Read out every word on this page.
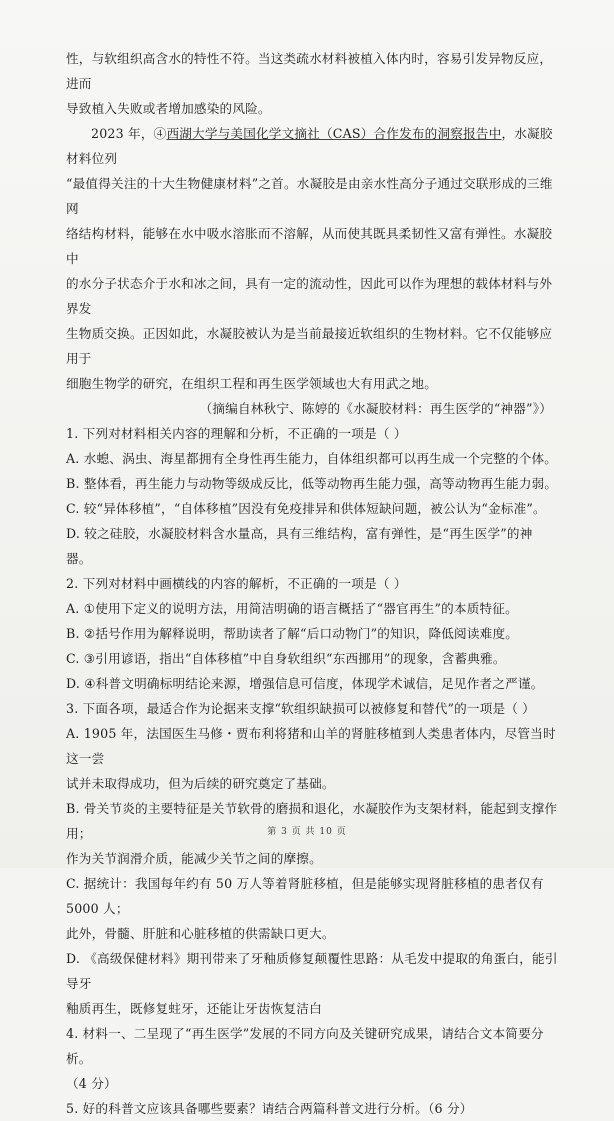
性，与软组织高含水的特性不符。当这类疏水材料被植入体内时，容易引发异物反应，进而

导致植入失败或者增加感染的风险。

2023 年，④西湖大学与美国化学文摘社（CAS）合作发布的洞察报告中，水凝胶材料位列

“最值得关注的十大生物健康材料”之首。水凝胶是由亲水性高分子通过交联形成的三维网

络结构材料，能够在水中吸水溶胀而不溶解，从而使其既具柔韧性又富有弹性。水凝胶中

的水分子状态介于水和冰之间，具有一定的流动性，因此可以作为理想的载体材料与外界发

生物质交换。正因如此，水凝胶被认为是当前最接近软组织的生物材料。它不仅能够应用于

细胞生物学的研究，在组织工程和再生医学领域也大有用武之地。

（摘编自林秋宁、陈婷的《水凝胶材料：再生医学的“神器”》）

1. 下列对材料相关内容的理解和分析，不正确的一项是（ ）

A. 水螅、涡虫、海星都拥有全身性再生能力，自体组织都可以再生成一个完整的个体。

B. 整体看，再生能力与动物等级成反比，低等动物再生能力强，高等动物再生能力弱。

C. 较“异体移植”，“自体移植”因没有免疫排异和供体短缺问题，被公认为“金标准”。

D. 较之硅胶，水凝胶材料含水量高，具有三维结构，富有弹性，是“再生医学”的神器。

2. 下列对材料中画横线的内容的解析，不正确的一项是（ ）

A. ①使用下定义的说明方法，用简洁明确的语言概括了“器官再生”的本质特征。

B. ②括号作用为解释说明，帮助读者了解“后口动物门”的知识，降低阅读难度。

C. ③引用谚语，指出“自体移植”中自身软组织“东西挪用”的现象，含蓄典雅。

D. ④科普文明确标明结论来源，增强信息可信度，体现学术诚信，足见作者之严谨。

3. 下面各项，最适合作为论据来支撑“软组织缺损可以被修复和替代”的一项是（ ）

A. 1905 年，法国医生马修・贾布利将猪和山羊的肾脏移植到人类患者体内，尽管当时这一尝

试并未取得成功，但为后续的研究奠定了基础。

B. 骨关节炎的主要特征是关节软骨的磨损和退化，水凝胶作为支架材料，能起到支撑作用；

作为关节润滑介质，能减少关节之间的摩擦。

C. 据统计：我国每年约有 50 万人等着肾脏移植，但是能够实现肾脏移植的患者仅有 5000 人；

此外，骨髓、肝脏和心脏移植的供需缺口更大。

D. 《高级保健材料》期刊带来了牙釉质修复颠覆性思路：从毛发中提取的角蛋白，能引导牙

釉质再生，既修复蛀牙，还能让牙齿恢复洁白

4. 材料一、二呈现了“再生医学”发展的不同方向及关键研究成果，请结合文本简要分析。

（4 分）

5. 好的科普文应该具备哪些要素？请结合两篇科普文进行分析。（6 分）

第 3 页 共 10 页
